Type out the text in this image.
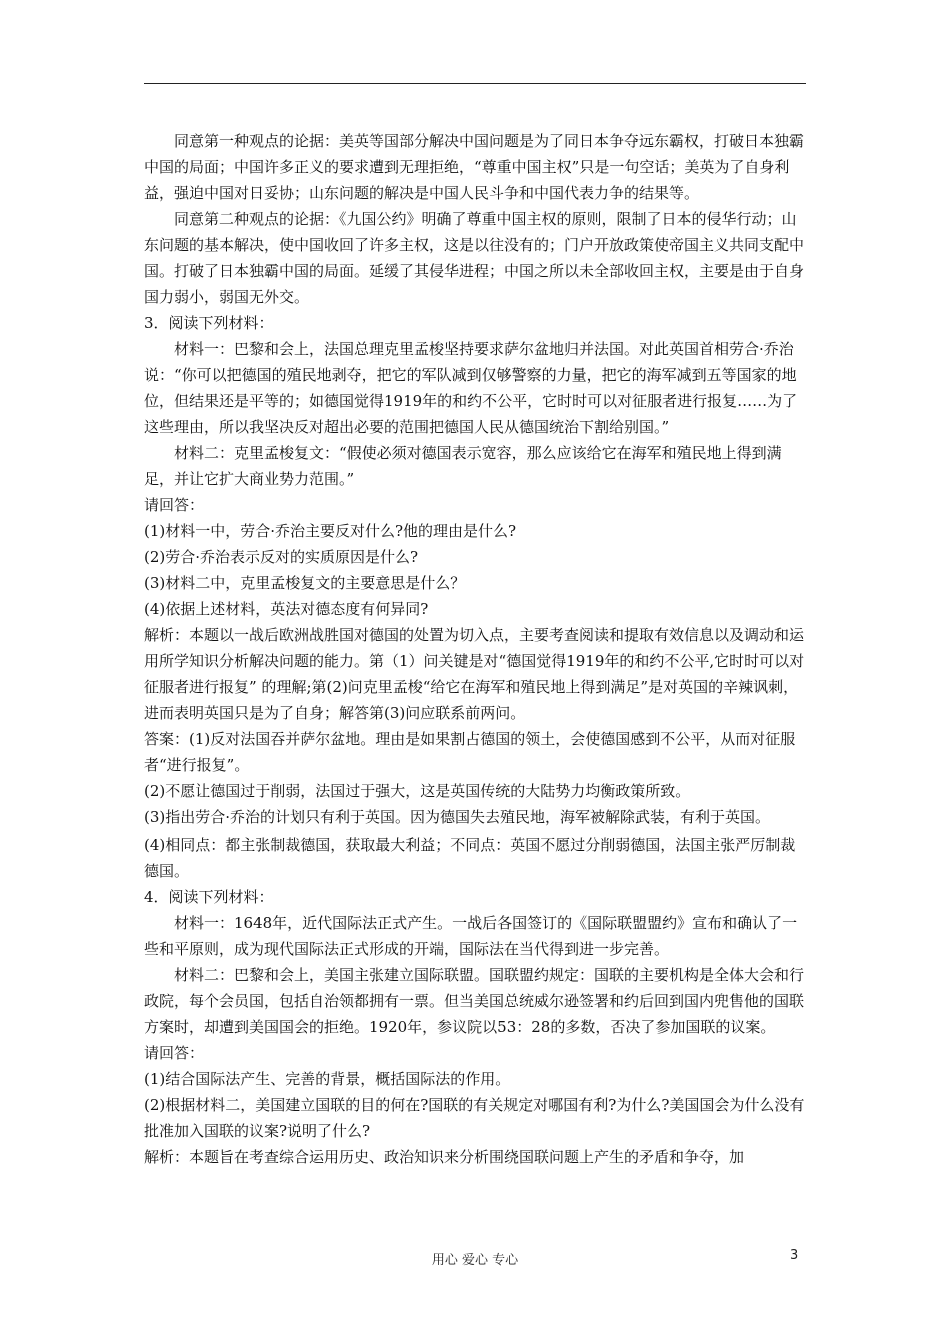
同意第一种观点的论据：美英等国部分解决中国问题是为了同日本争夺远东霸权，打破日本独霸中国的局面；中国许多正义的要求遭到无理拒绝，“尊重中国主权”只是一句空话；美英为了自身利益，强迫中国对日妥协；山东问题的解决是中国人民斗争和中国代表力争的结果等。

同意第二种观点的论据：《九国公约》明确了尊重中国主权的原则，限制了日本的侵华行动；山东问题的基本解决，使中国收回了许多主权，这是以往没有的；门户开放政策使帝国主义共同支配中国。打破了日本独霸中国的局面。延缓了其侵华进程；中国之所以未全部收回主权，主要是由于自身国力弱小，弱国无外交。

3．阅读下列材料：

材料一：巴黎和会上，法国总理克里孟梭坚持要求萨尔盆地归并法国。对此英国首相劳合·乔治说：“你可以把德国的殖民地剥夺，把它的军队减到仅够警察的力量，把它的海军减到五等国家的地位，但结果还是平等的；如德国觉得1919年的和约不公平，它时时可以对征服者进行报复……为了这些理由，所以我坚决反对超出必要的范围把德国人民从德国统治下割给别国。”

材料二：克里孟梭复文：“假使必须对德国表示宽容，那么应该给它在海军和殖民地上得到满足，并让它扩大商业势力范围。”

请回答：

(1)材料一中，劳合·乔治主要反对什么?他的理由是什么?

(2)劳合·乔治表示反对的实质原因是什么?

(3)材料二中，克里孟梭复文的主要意思是什么？

(4)依据上述材料，英法对德态度有何异同?

解析：本题以一战后欧洲战胜国对德国的处置为切入点，主要考查阅读和提取有效信息以及调动和运用所学知识分析解决问题的能力。第（1）问关键是对“德国觉得1919年的和约不公平,它时时可以对征服者进行报复” 的理解;第(2)问克里孟梭“给它在海军和殖民地上得到满足”是对英国的辛辣讽刺，进而表明英国只是为了自身；解答第(3)问应联系前两问。

答案：(1)反对法国吞并萨尔盆地。理由是如果割占德国的领土，会使德国感到不公平，从而对征服者“进行报复”。

(2)不愿让德国过于削弱，法国过于强大，这是英国传统的大陆势力均衡政策所致。

(3)指出劳合·乔治的计划只有利于英国。因为德国失去殖民地，海军被解除武装，有利于英国。

(4)相同点：都主张制裁德国，获取最大利益；不同点：英国不愿过分削弱德国，法国主张严厉制裁德国。

4．阅读下列材料：

材料一：1648年，近代国际法正式产生。一战后各国签订的《国际联盟盟约》宣布和确认了一些和平原则，成为现代国际法正式形成的开端，国际法在当代得到进一步完善。

材料二：巴黎和会上，美国主张建立国际联盟。国联盟约规定：国联的主要机构是全体大会和行政院，每个会员国，包括自治领都拥有一票。但当美国总统威尔逊签署和约后回到国内兜售他的国联方案时，却遭到美国国会的拒绝。1920年，参议院以53：28的多数，否决了参加国联的议案。

请回答：

(1)结合国际法产生、完善的背景，概括国际法的作用。

(2)根据材料二，美国建立国联的目的何在?国联的有关规定对哪国有利?为什么?美国国会为什么没有批准加入国联的议案?说明了什么?

解析：本题旨在考查综合运用历史、政治知识来分析围绕国联问题上产生的矛盾和争夺，加

用心 爱心 专心	3
